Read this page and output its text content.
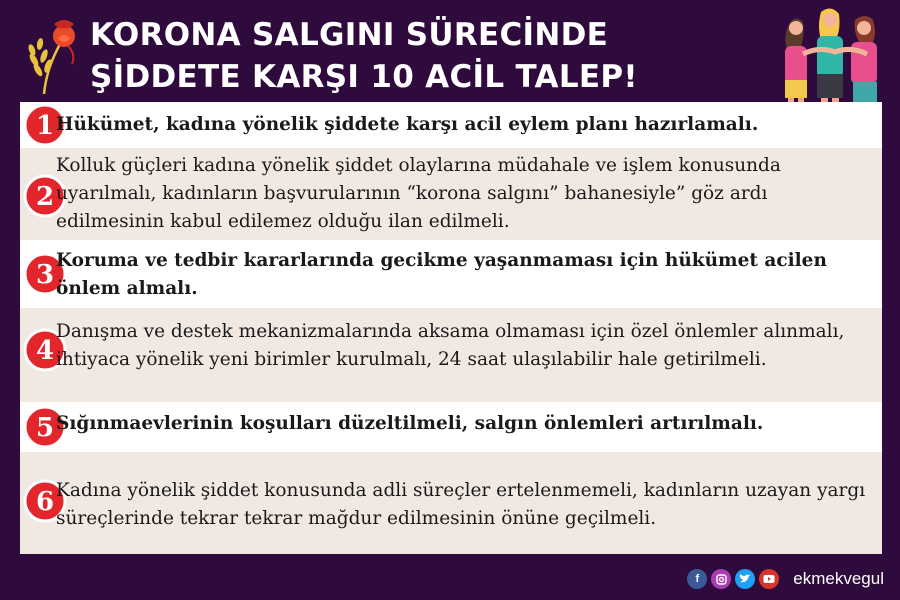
KORONA SALGINI SÜRECİNDE
ŞİDDETE KARŞI 10 ACİL TALEP!
1 Hükümet, kadına yönelik şiddete karşı acil eylem planı hazırlamalı.
2
Kolluk güçleri kadına yönelik şiddet olaylarına müdahale ve işlem konusunda uyarılmalı, kadınların başvurularının “korona salgını” bahanesiyle” göz ardı edilmesinin kabul edilemez olduğu ilan edilmeli.
3 Koruma ve tedbir kararlarında gecikme yaşanmaması için hükümet acilen önlem almalı.
4
Danışma ve destek mekanizmalarında aksama olmaması için özel önlemler alınmalı, ihtiyaca yönelik yeni birimler kurulmalı, 24 saat ulaşılabilir hale getirilmeli.
5 Sığınmaevlerinin koşulları düzeltilmeli, salgın önlemleri artırılmalı.
6 Kadına yönelik şiddet konusunda adli süreçler ertelenmemeli, kadınların uzayan yargı süreçlerinde tekrar tekrar mağdur edilmesinin önüne geçilmeli.
f	ekmekvegul
